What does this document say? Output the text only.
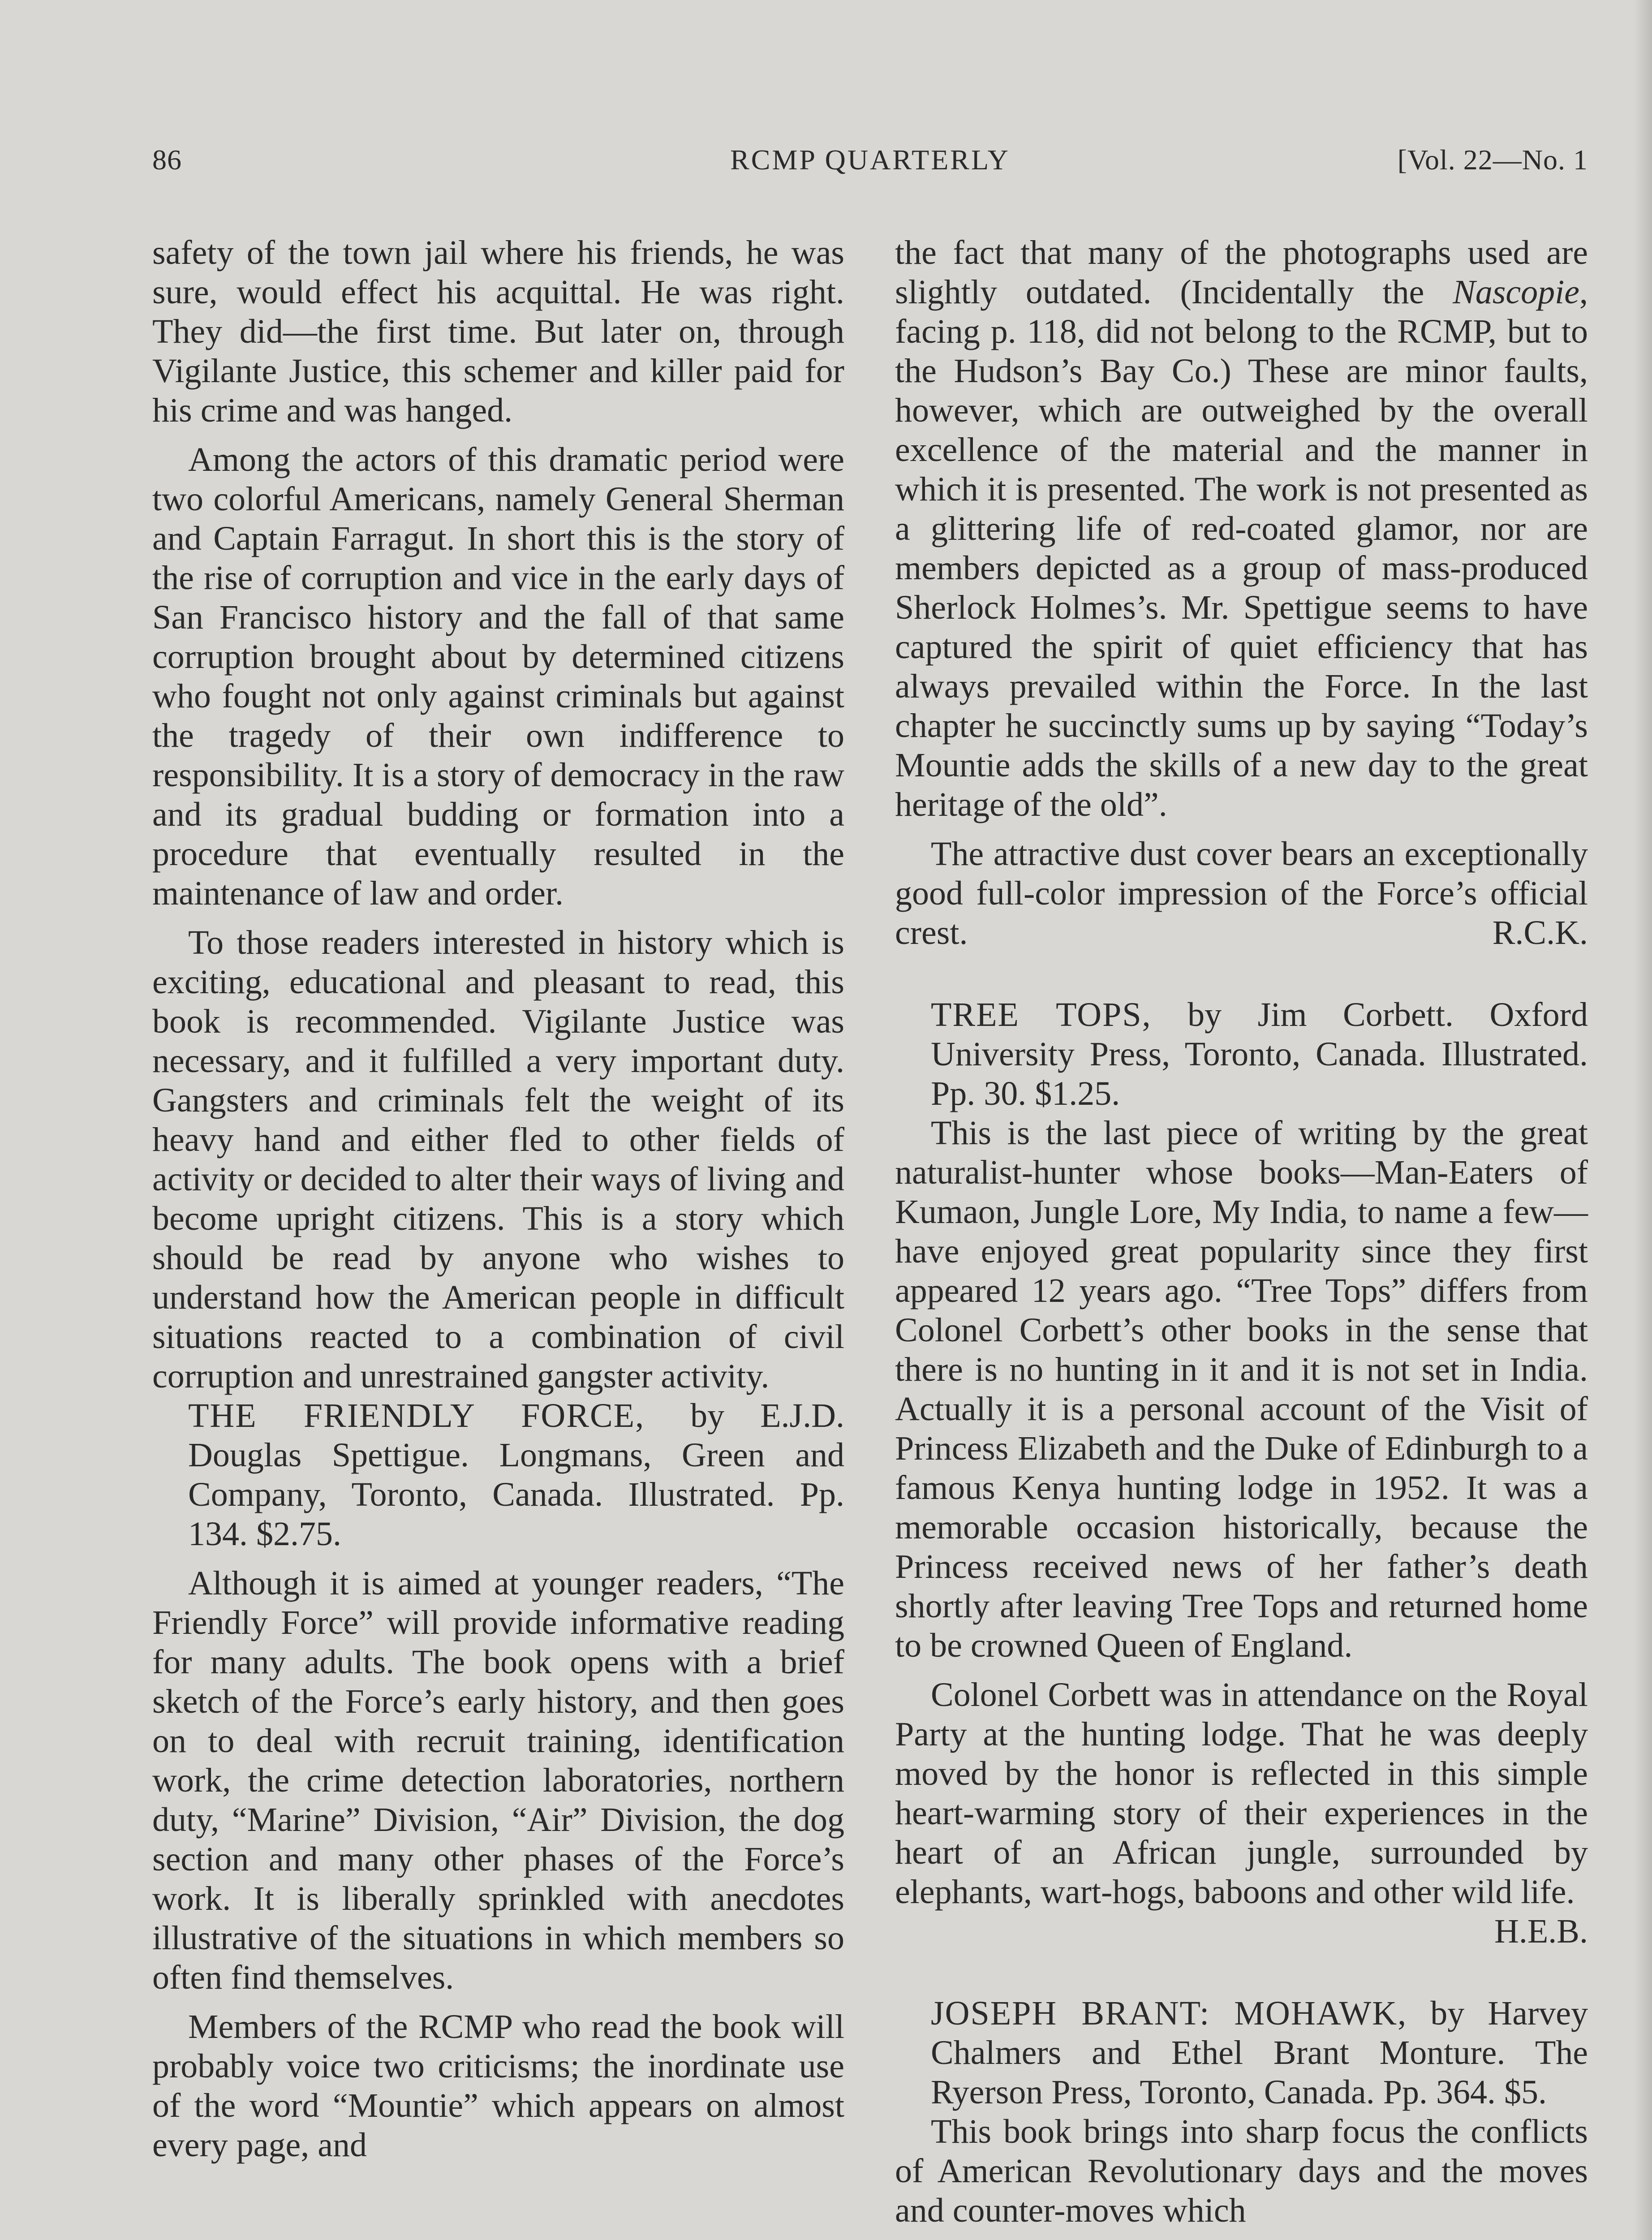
86	RCMP QUARTERLY	[Vol. 22—No. 1

safety of the town jail where his friends, he was sure, would effect his acquittal. He was right. They did—the first time. But later on, through Vigilante Justice, this schemer and killer paid for his crime and was hanged.

Among the actors of this dramatic period were two colorful Americans, namely General Sherman and Captain Farragut. In short this is the story of the rise of corruption and vice in the early days of San Francisco history and the fall of that same corruption brought about by determined citizens who fought not only against criminals but against the tragedy of their own indifference to responsibility. It is a story of democracy in the raw and its gradual budding or formation into a procedure that eventually resulted in the maintenance of law and order.

To those readers interested in history which is exciting, educational and pleasant to read, this book is recommended. Vigilante Justice was necessary, and it fulfilled a very important duty. Gangsters and criminals felt the weight of its heavy hand and either fled to other fields of activity or decided to alter their ways of living and become upright citizens. This is a story which should be read by anyone who wishes to understand how the American people in difficult situations reacted to a combination of civil corruption and unrestrained gangster activity.
E.J.D.

THE FRIENDLY FORCE, by Douglas Spettigue. Longmans, Green and Company, Toronto, Canada. Illustrated. Pp. 134. $2.75.

Although it is aimed at younger readers, “The Friendly Force” will provide informative reading for many adults. The book opens with a brief sketch of the Force’s early history, and then goes on to deal with recruit training, identification work, the crime detection laboratories, northern duty, “Marine” Division, “Air” Division, the dog section and many other phases of the Force’s work. It is liberally sprinkled with anecdotes illustrative of the situations in which members so often find themselves.

Members of the RCMP who read the book will probably voice two criticisms; the inordinate use of the word “Mountie” which appears on almost every page, and

the fact that many of the photographs used are slightly outdated. (Incidentally the Nascopie, facing p. 118, did not belong to the RCMP, but to the Hudson’s Bay Co.) These are minor faults, however, which are outweighed by the overall excellence of the material and the manner in which it is presented. The work is not presented as a glittering life of red-coated glamor, nor are members depicted as a group of mass-produced Sherlock Holmes’s. Mr. Spettigue seems to have captured the spirit of quiet efficiency that has always prevailed within the Force. In the last chapter he succinctly sums up by saying “Today’s Mountie adds the skills of a new day to the great heritage of the old”.

The attractive dust cover bears an exceptionally good full-color impression of the Force’s official crest.	R.C.K.

TREE TOPS, by Jim Corbett. Oxford University Press, Toronto, Canada. Illustrated. Pp. 30. $1.25.

This is the last piece of writing by the great naturalist-hunter whose books—Man-Eaters of Kumaon, Jungle Lore, My India, to name a few—have enjoyed great popularity since they first appeared 12 years ago. “Tree Tops” differs from Colonel Corbett’s other books in the sense that there is no hunting in it and it is not set in India. Actually it is a personal account of the Visit of Princess Elizabeth and the Duke of Edinburgh to a famous Kenya hunting lodge in 1952. It was a memorable occasion historically, because the Princess received news of her father’s death shortly after leaving Tree Tops and returned home to be crowned Queen of England.

Colonel Corbett was in attendance on the Royal Party at the hunting lodge. That he was deeply moved by the honor is reflected in this simple heart-warming story of their experiences in the heart of an African jungle, surrounded by elephants, wart-hogs, baboons and other wild life.

H.E.B.

JOSEPH BRANT: MOHAWK, by Harvey Chalmers and Ethel Brant Monture. The Ryerson Press, Toronto, Canada. Pp. 364. $5.

This book brings into sharp focus the conflicts of American Revolutionary days and the moves and counter-moves which
